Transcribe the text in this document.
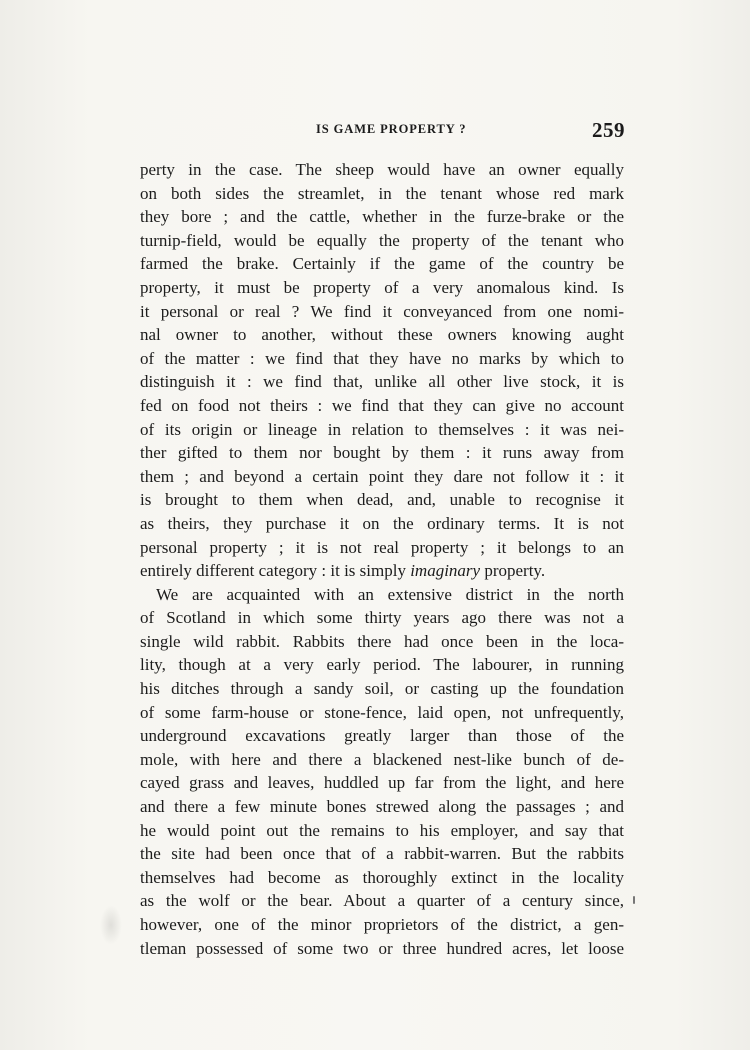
IS GAME PROPERTY ?	259
perty in the case. The sheep would have an owner equally
on both sides the streamlet, in the tenant whose red mark
they bore ; and the cattle, whether in the furze-brake or the
turnip-field, would be equally the property of the tenant who
farmed the brake. Certainly if the game of the country be
property, it must be property of a very anomalous kind. Is
it personal or real ? We find it conveyanced from one nomi-
nal owner to another, without these owners knowing aught
of the matter : we find that they have no marks by which to
distinguish it : we find that, unlike all other live stock, it is
fed on food not theirs : we find that they can give no account
of its origin or lineage in relation to themselves : it was nei-
ther gifted to them nor bought by them : it runs away from
them ; and beyond a certain point they dare not follow it : it
is brought to them when dead, and, unable to recognise it
as theirs, they purchase it on the ordinary terms. It is not
personal property ; it is not real property ; it belongs to an
entirely different category : it is simply imaginary property.
We are acquainted with an extensive district in the north
of Scotland in which some thirty years ago there was not a
single wild rabbit. Rabbits there had once been in the loca-
lity, though at a very early period. The labourer, in running
his ditches through a sandy soil, or casting up the foundation
of some farm-house or stone-fence, laid open, not unfrequently,
underground excavations greatly larger than those of the
mole, with here and there a blackened nest-like bunch of de-
cayed grass and leaves, huddled up far from the light, and here
and there a few minute bones strewed along the passages ; and
he would point out the remains to his employer, and say that
the site had been once that of a rabbit-warren. But the rabbits
themselves had become as thoroughly extinct in the locality
as the wolf or the bear. About a quarter of a century since,
however, one of the minor proprietors of the district, a gen-
tleman possessed of some two or three hundred acres, let loose
